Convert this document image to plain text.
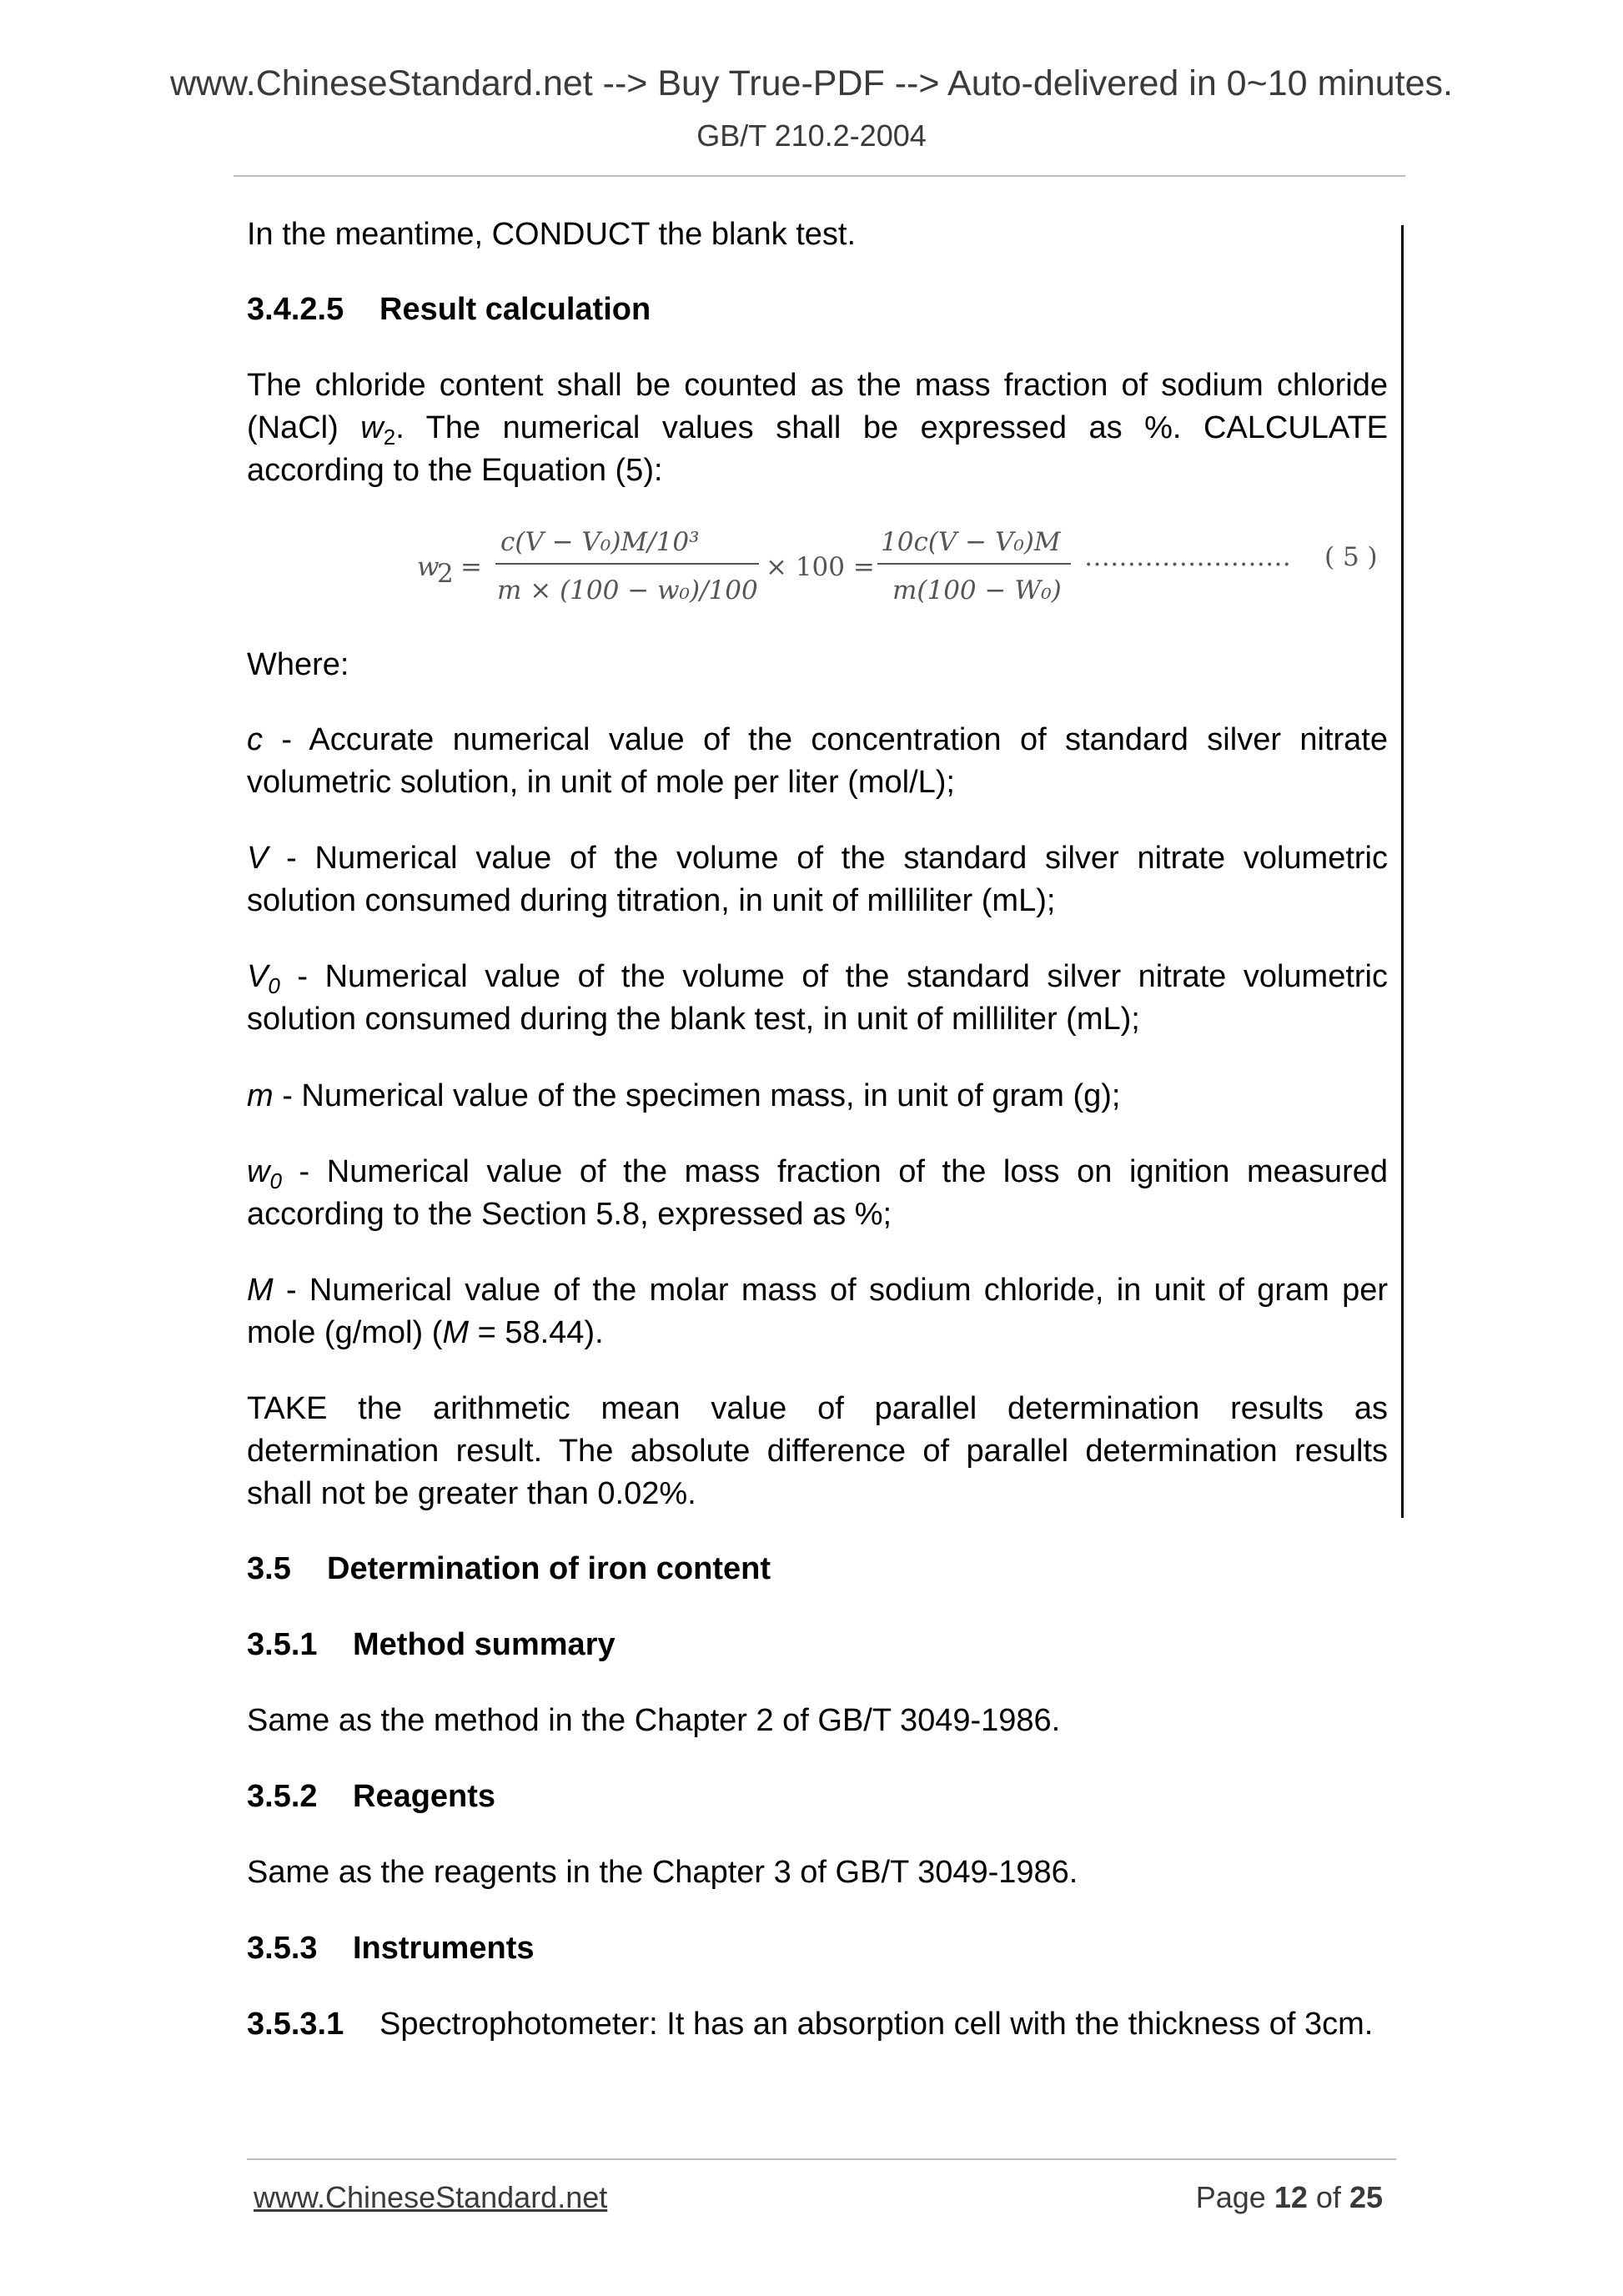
www.ChineseStandard.net --> Buy True-PDF --> Auto-delivered in 0~10 minutes.
GB/T 210.2-2004
In the meantime, CONDUCT the blank test.
3.4.2.5 Result calculation
The chloride content shall be counted as the mass fraction of sodium chloride (NaCl) $w_2$. The numerical values shall be expressed as %. CALCULATE according to the Equation (5):
w
2 =
c(V − V₀)M/10³
m × (100 − w₀)/100
× 100 =
10c(V − V₀)M
m(100 − W₀)
…………………… ( 5 )
Where:
c - Accurate numerical value of the concentration of standard silver nitrate volumetric solution, in unit of mole per liter (mol/L);
V - Numerical value of the volume of the standard silver nitrate volumetric solution consumed during titration, in unit of milliliter (mL);
$V_0$ - Numerical value of the volume of the standard silver nitrate volumetric solution consumed during the blank test, in unit of milliliter (mL);
m - Numerical value of the specimen mass, in unit of gram (g);
$w_0$ - Numerical value of the mass fraction of the loss on ignition measured according to the Section 5.8, expressed as %;
M - Numerical value of the molar mass of sodium chloride, in unit of gram per mole (g/mol) (M = 58.44).
TAKE the arithmetic mean value of parallel determination results as determination result. The absolute difference of parallel determination results shall not be greater than 0.02%.
3.5 Determination of iron content
3.5.1 Method summary
Same as the method in the Chapter 2 of GB/T 3049-1986.
3.5.2 Reagents
Same as the reagents in the Chapter 3 of GB/T 3049-1986.
3.5.3 Instruments
3.5.3.1 Spectrophotometer: It has an absorption cell with the thickness of 3cm.
www.ChineseStandard.net	Page 12 of 25
